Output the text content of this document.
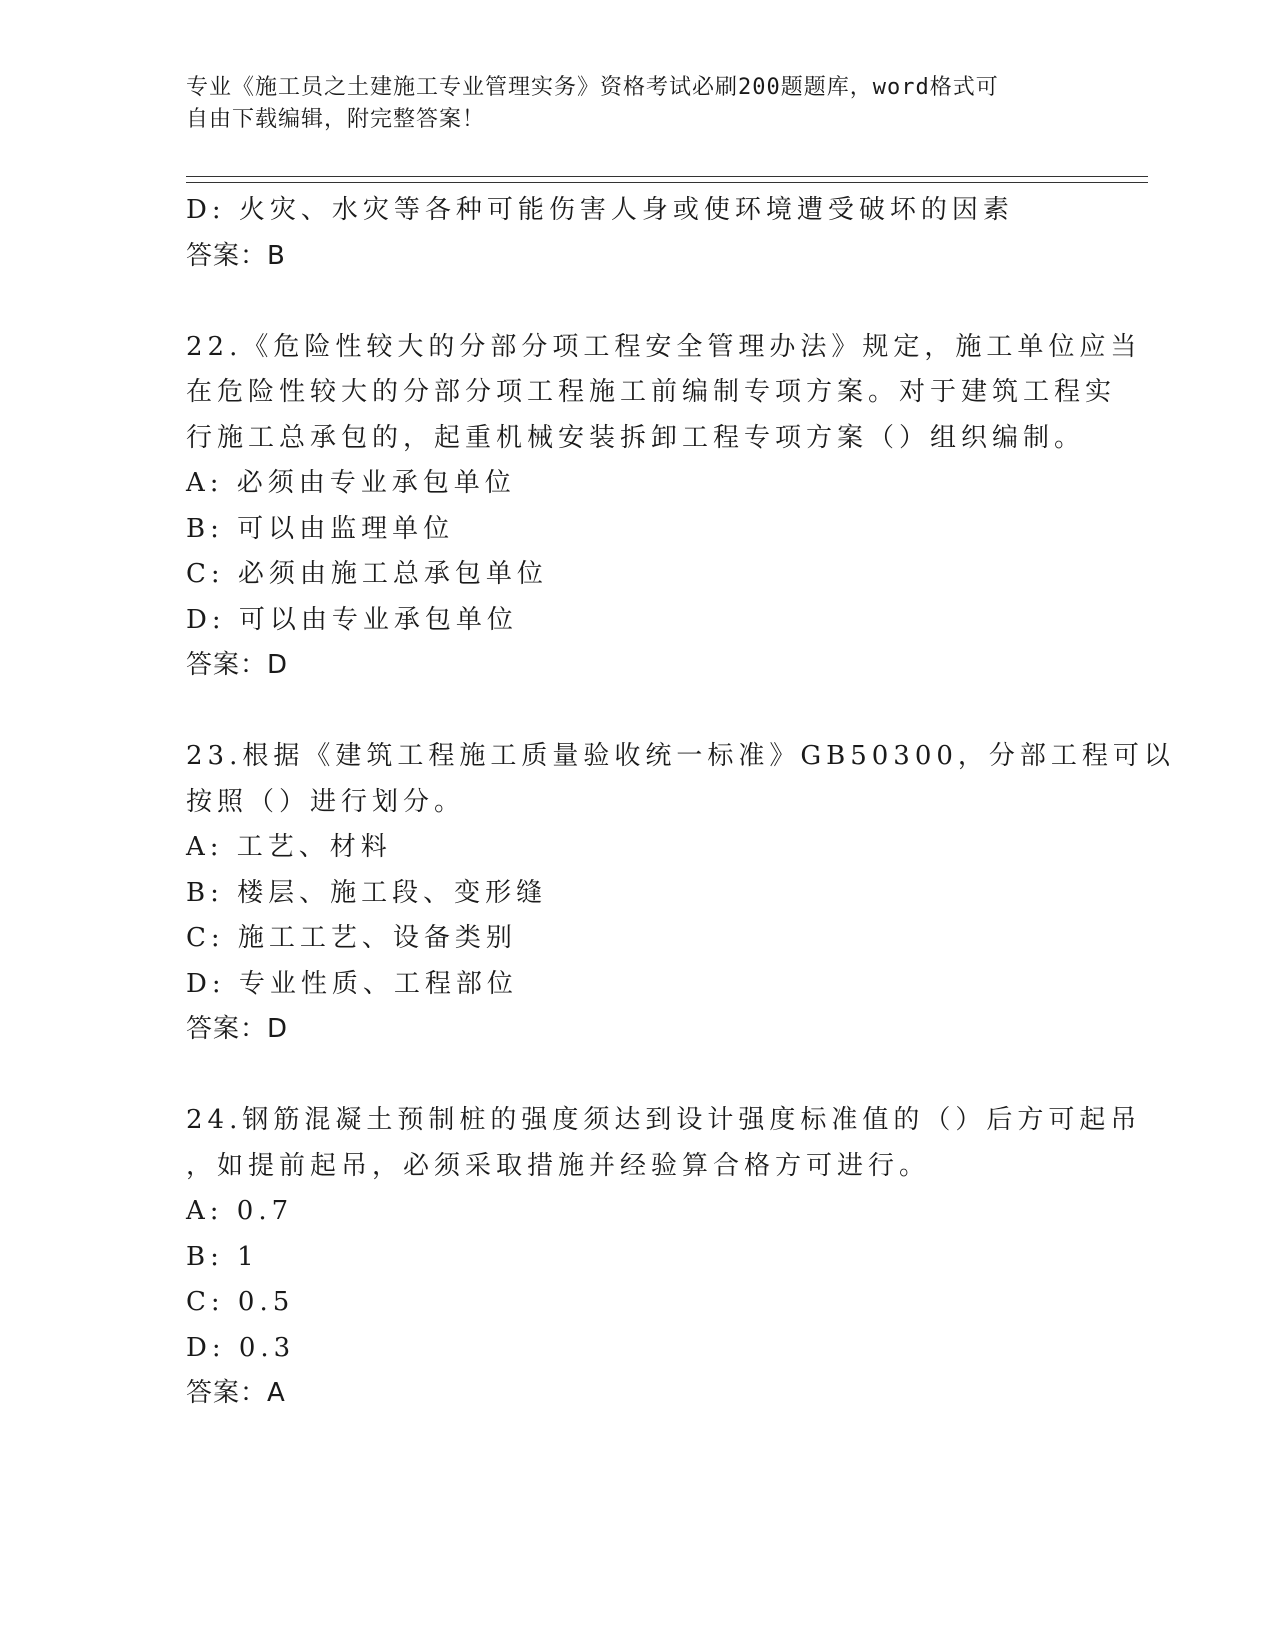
专业《施工员之土建施工专业管理实务》资格考试必刷200题题库，word格式可
自由下载编辑，附完整答案！
D: 火灾、水灾等各种可能伤害人身或使环境遭受破坏的因素
答案：B
22.《危险性较大的分部分项工程安全管理办法》规定，施工单位应当
在危险性较大的分部分项工程施工前编制专项方案。对于建筑工程实
行施工总承包的，起重机械安装拆卸工程专项方案（）组织编制。
A: 必须由专业承包单位
B: 可以由监理单位
C: 必须由施工总承包单位
D: 可以由专业承包单位
答案：D
23.根据《建筑工程施工质量验收统一标准》GB50300，分部工程可以
按照（）进行划分。
A: 工艺、材料
B: 楼层、施工段、变形缝
C: 施工工艺、设备类别
D: 专业性质、工程部位
答案：D
24.钢筋混凝土预制桩的强度须达到设计强度标准值的（）后方可起吊
，如提前起吊，必须采取措施并经验算合格方可进行。
A: 0.7
B: 1
C: 0.5
D: 0.3
答案：A
